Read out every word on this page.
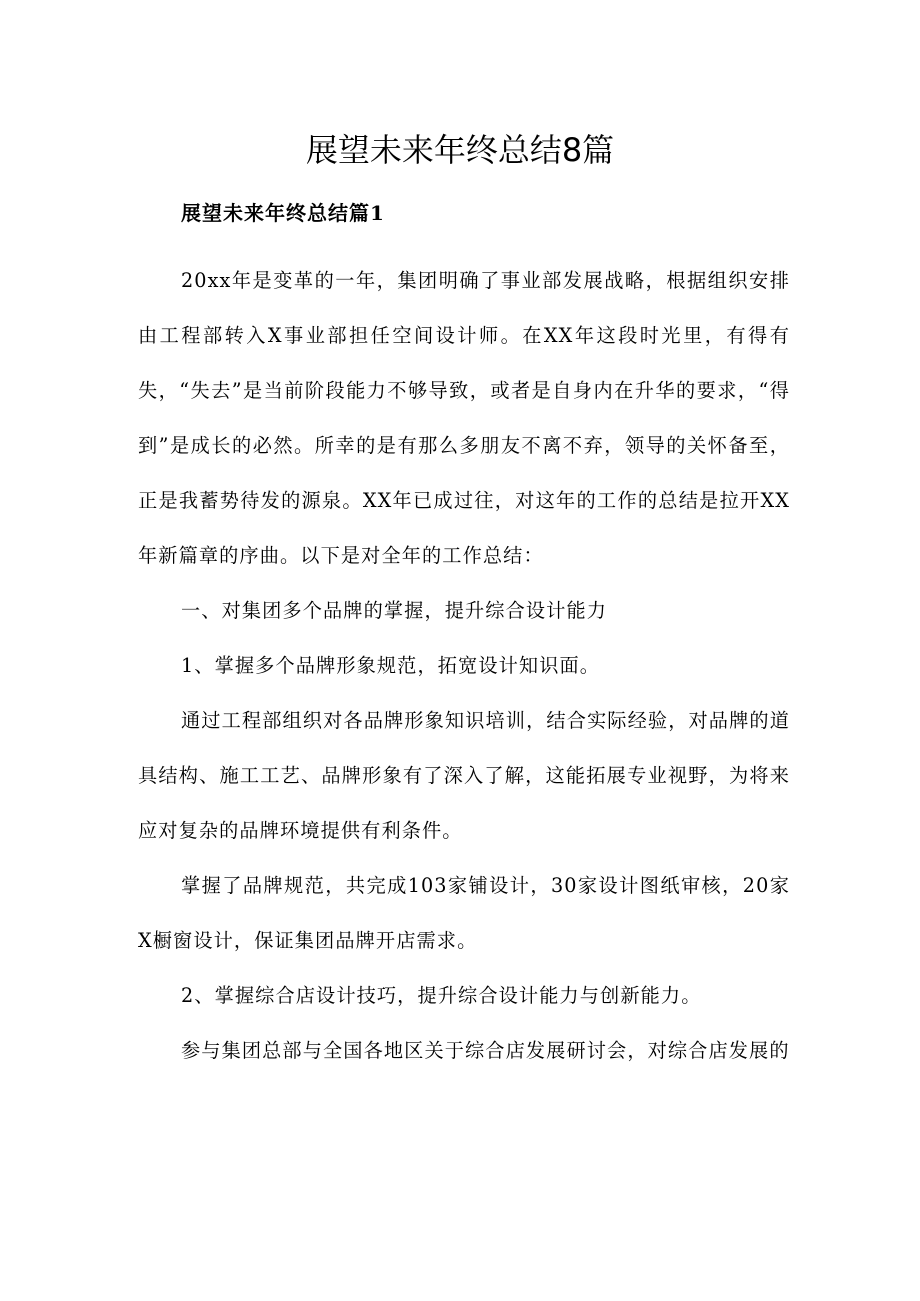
展望未来年终总结8篇
展望未来年终总结篇1

20xx年是变革的一年，集团明确了事业部发展战略，根据组织安排由工程部转入X事业部担任空间设计师。在XX年这段时光里，有得有失，“失去”是当前阶段能力不够导致，或者是自身内在升华的要求，“得到”是成长的必然。所幸的是有那么多朋友不离不弃，领导的关怀备至，正是我蓄势待发的源泉。XX年已成过往，对这年的工作的总结是拉开XX年新篇章的序曲。以下是对全年的工作总结：

一、对集团多个品牌的掌握，提升综合设计能力

1、掌握多个品牌形象规范，拓宽设计知识面。

通过工程部组织对各品牌形象知识培训，结合实际经验，对品牌的道具结构、施工工艺、品牌形象有了深入了解，这能拓展专业视野，为将来应对复杂的品牌环境提供有利条件。

掌握了品牌规范，共完成103家铺设计，30家设计图纸审核，20家X橱窗设计，保证集团品牌开店需求。

2、掌握综合店设计技巧，提升综合设计能力与创新能力。

参与集团总部与全国各地区关于综合店发展研讨会，对综合店发展的
